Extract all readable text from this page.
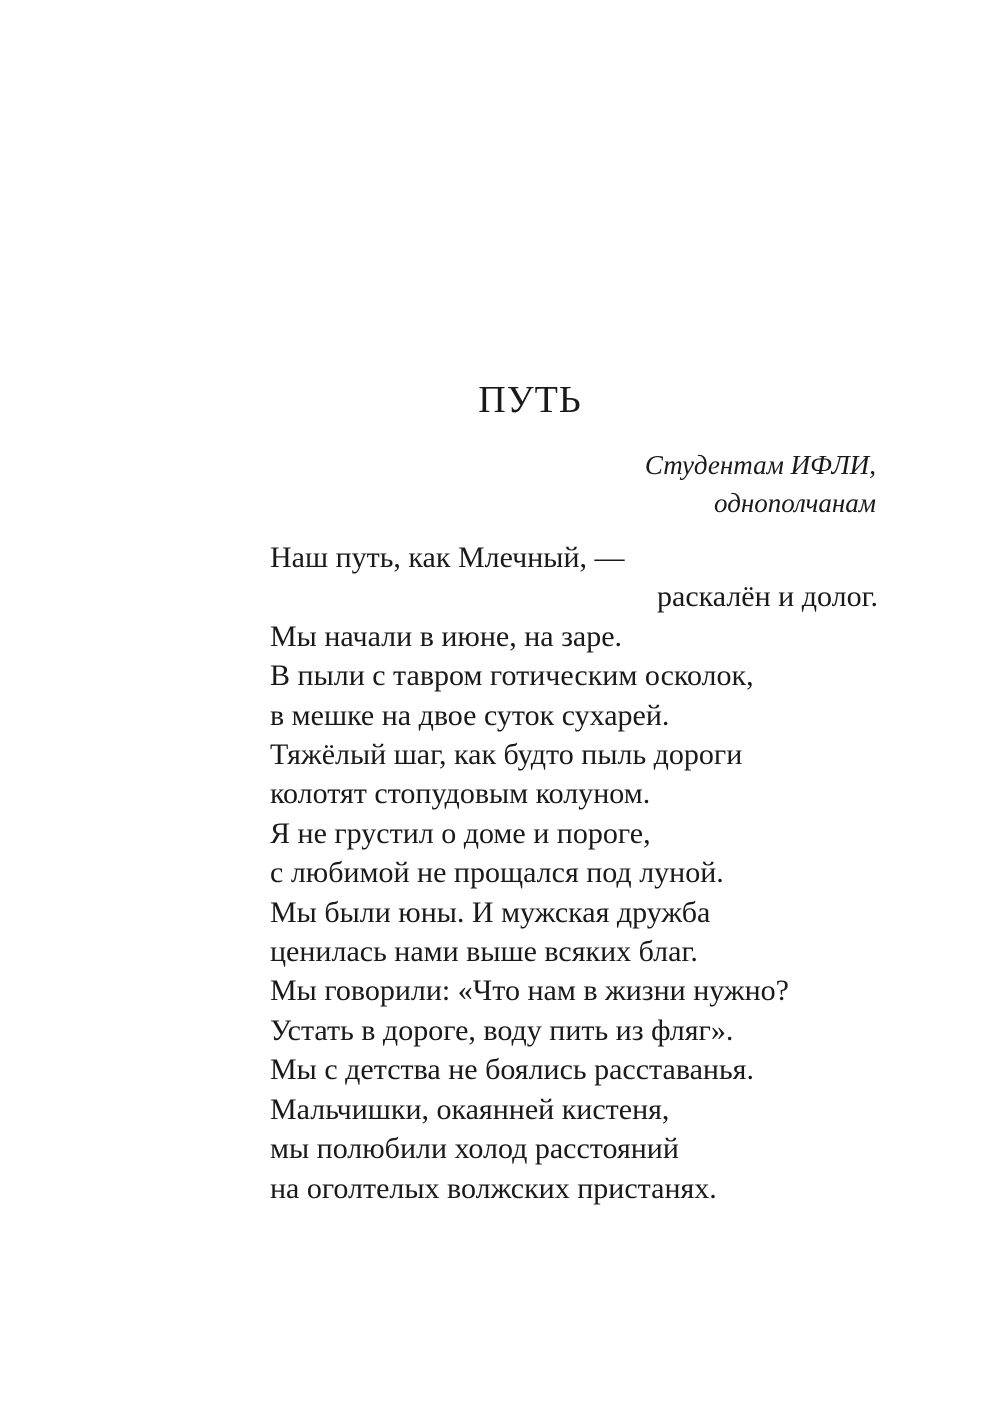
ПУТЬ
Студентам ИФЛИ,
однополчанам
Наш путь, как Млечный, —
раскалён и долог.
Мы начали в июне, на заре.
В пыли с тавром готическим осколок,
в мешке на двое суток сухарей.
Тяжёлый шаг, как будто пыль дороги
колотят стопудовым колуном.
Я не грустил о доме и пороге,
с любимой не прощался под луной.
Мы были юны. И мужская дружба
ценилась нами выше всяких благ.
Мы говорили: «Что нам в жизни нужно?
Устать в дороге, воду пить из фляг».
Мы с детства не боялись расставанья.
Мальчишки, окаянней кистеня,
мы полюбили холод расстояний
на оголтелых волжских пристанях.
